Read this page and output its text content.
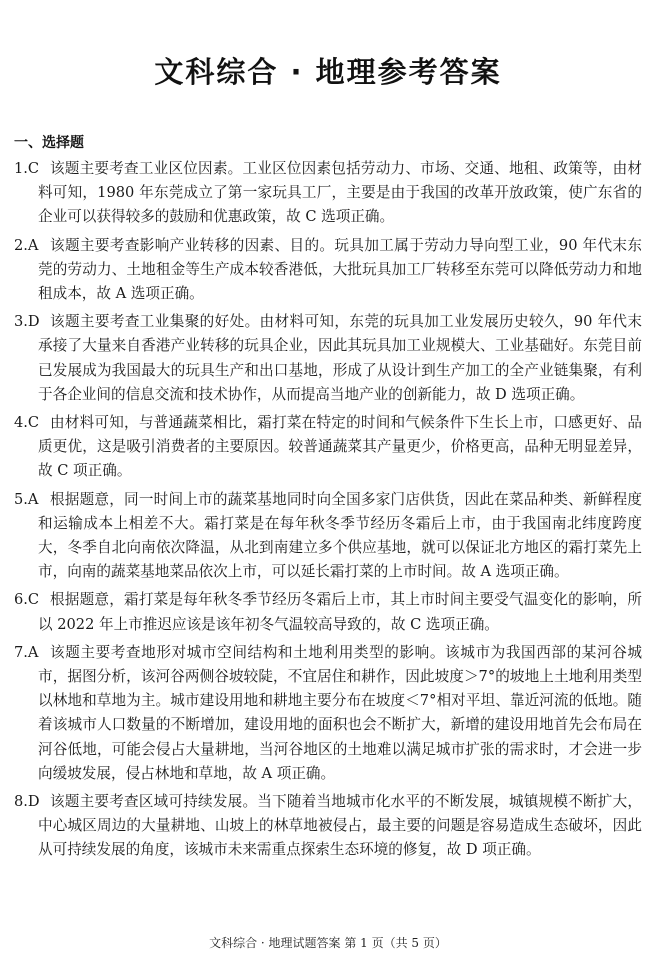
文科综合 · 地理参考答案
一、选择题
1.C 该题主要考查工业区位因素。工业区位因素包括劳动力、市场、交通、地租、政策等，由材料可知，1980 年东莞成立了第一家玩具工厂，主要是由于我国的改革开放政策，使广东省的企业可以获得较多的鼓励和优惠政策，故 C 选项正确。
2.A 该题主要考查影响产业转移的因素、目的。玩具加工属于劳动力导向型工业，90 年代末东莞的劳动力、土地租金等生产成本较香港低，大批玩具加工厂转移至东莞可以降低劳动力和地租成本，故 A 选项正确。
3.D 该题主要考查工业集聚的好处。由材料可知，东莞的玩具加工业发展历史较久，90 年代末承接了大量来自香港产业转移的玩具企业，因此其玩具加工业规模大、工业基础好。东莞目前已发展成为我国最大的玩具生产和出口基地，形成了从设计到生产加工的全产业链集聚，有利于各企业间的信息交流和技术协作，从而提高当地产业的创新能力，故 D 选项正确。
4.C 由材料可知，与普通蔬菜相比，霜打菜在特定的时间和气候条件下生长上市，口感更好、品质更优，这是吸引消费者的主要原因。较普通蔬菜其产量更少，价格更高，品种无明显差异，故 C 项正确。
5.A 根据题意，同一时间上市的蔬菜基地同时向全国多家门店供货，因此在菜品种类、新鲜程度和运输成本上相差不大。霜打菜是在每年秋冬季节经历冬霜后上市，由于我国南北纬度跨度大，冬季自北向南依次降温，从北到南建立多个供应基地，就可以保证北方地区的霜打菜先上市，向南的蔬菜基地菜品依次上市，可以延长霜打菜的上市时间。故 A 选项正确。
6.C 根据题意，霜打菜是每年秋冬季节经历冬霜后上市，其上市时间主要受气温变化的影响，所以 2022 年上市推迟应该是该年初冬气温较高导致的，故 C 选项正确。
7.A 该题主要考查地形对城市空间结构和土地利用类型的影响。该城市为我国西部的某河谷城市，据图分析，该河谷两侧谷坡较陡，不宜居住和耕作，因此坡度＞7°的坡地上土地利用类型以林地和草地为主。城市建设用地和耕地主要分布在坡度＜7°相对平坦、靠近河流的低地。随着该城市人口数量的不断增加，建设用地的面积也会不断扩大，新增的建设用地首先会布局在河谷低地，可能会侵占大量耕地，当河谷地区的土地难以满足城市扩张的需求时，才会进一步向缓坡发展，侵占林地和草地，故 A 项正确。
8.D 该题主要考查区域可持续发展。当下随着当地城市化水平的不断发展，城镇规模不断扩大，中心城区周边的大量耕地、山坡上的林草地被侵占，最主要的问题是容易造成生态破坏，因此从可持续发展的角度，该城市未来需重点探索生态环境的修复，故 D 项正确。
文科综合 · 地理试题答案 第 1 页（共 5 页）
